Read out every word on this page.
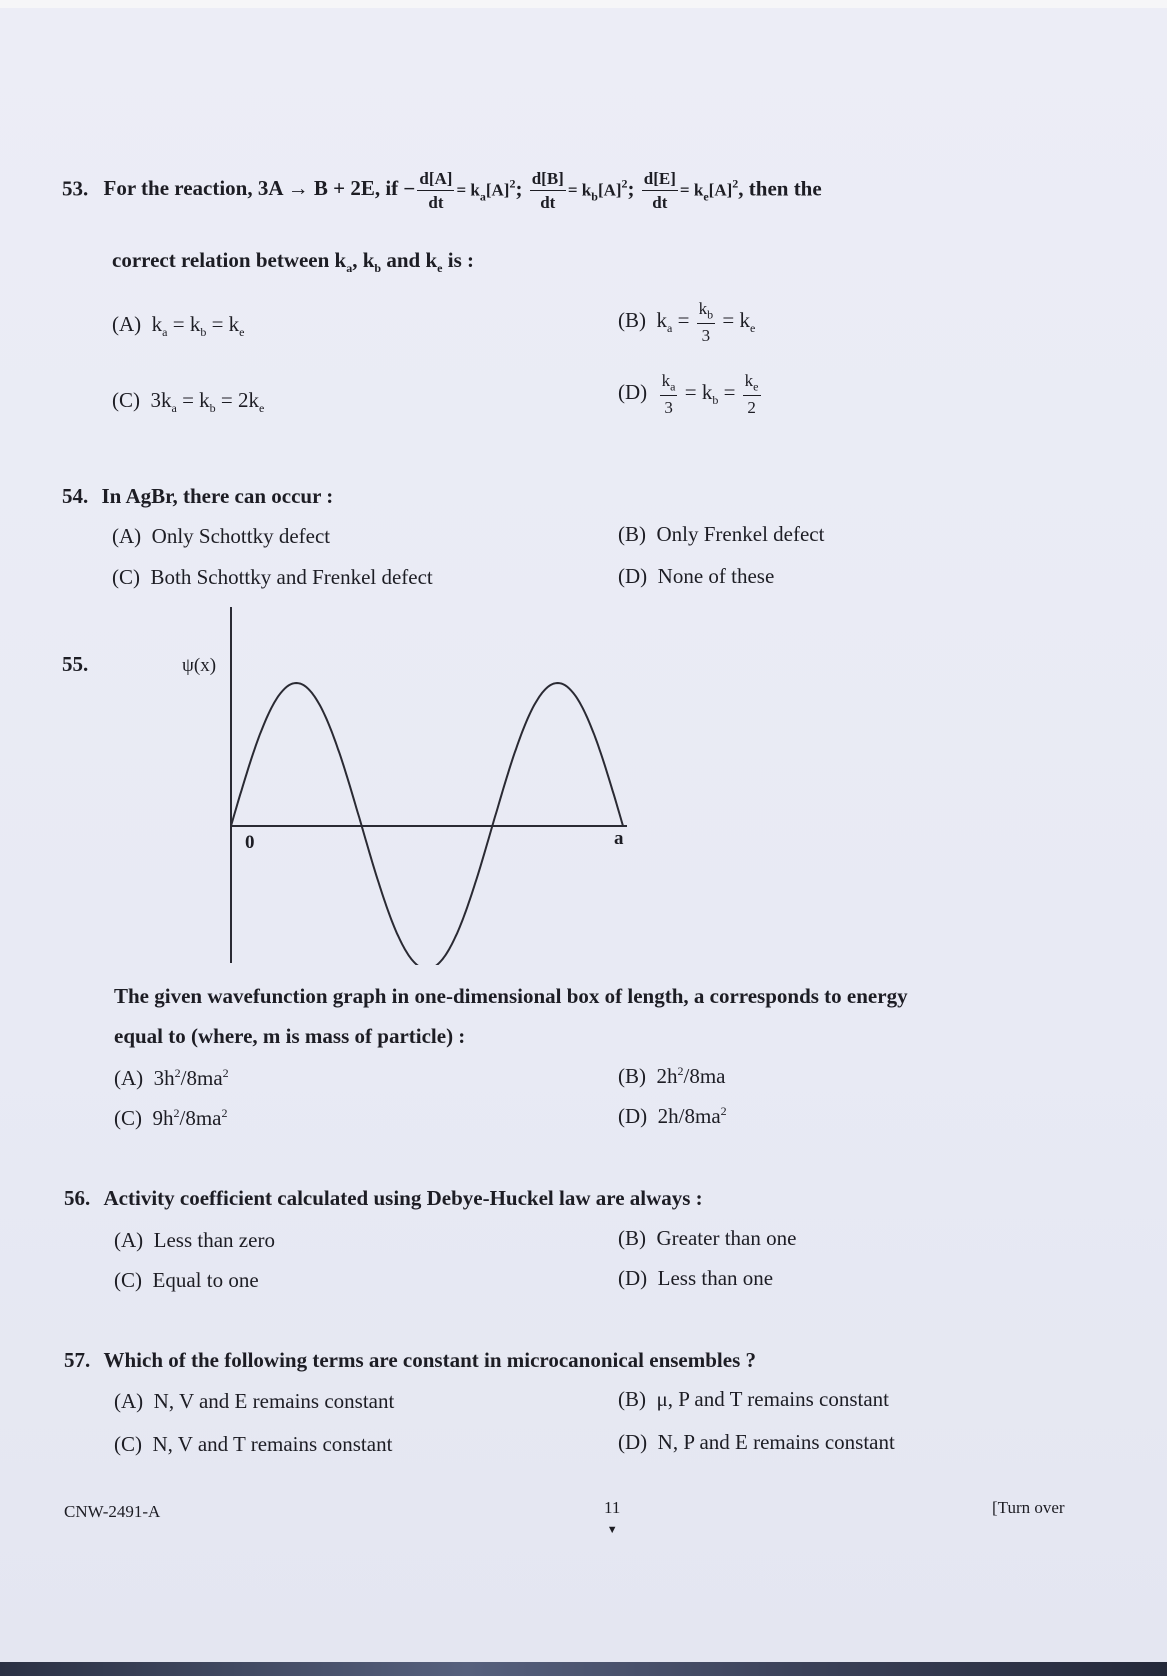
53. For the reaction, 3A → B + 2E, if − $\frac{d[A]}{dt} = k_a[A]^2$; $\frac{d[B]}{dt} = k_b[A]^2$; $\frac{d[E]}{dt} = k_e[A]^2$, then the
correct relation between $k_a$, $k_b$ and $k_e$ is :
(A) $k_a = k_b = k_e$
(B) $k_a = \frac{k_b}{3} = k_e$
(C) $3k_a = k_b = 2k_e$
$(D) \frac{k_a}{3} = k_b = \frac{k_e}{2}$
54. In AgBr, there can occur :
(A) Only Schottky defect	(B) Only Frenkel defect
(C) Both Schottky and Frenkel defect	(D) None of these
55.	ψ(x)
0	a
The given wavefunction graph in one-dimensional box of length, a corresponds to energy
equal to (where, m is mass of particle) :
(A) $3h^2/8ma^2$	(B) $2h^2/8ma$
(C) $9h^2/8ma^2$	(D) $2h/8ma^2$
56. Activity coefficient calculated using Debye-Huckel law are always :
(A) Less than zero	(B) Greater than one
(C) Equal to one	(D) Less than one
57. Which of the following terms are constant in microcanonical ensembles ?
(A) N, V and E remains constant	(B) μ, P and T remains constant
(C) N, V and T remains constant	(D) N, P and E remains constant
CNW-2491-A	11
▼
[Turn over
